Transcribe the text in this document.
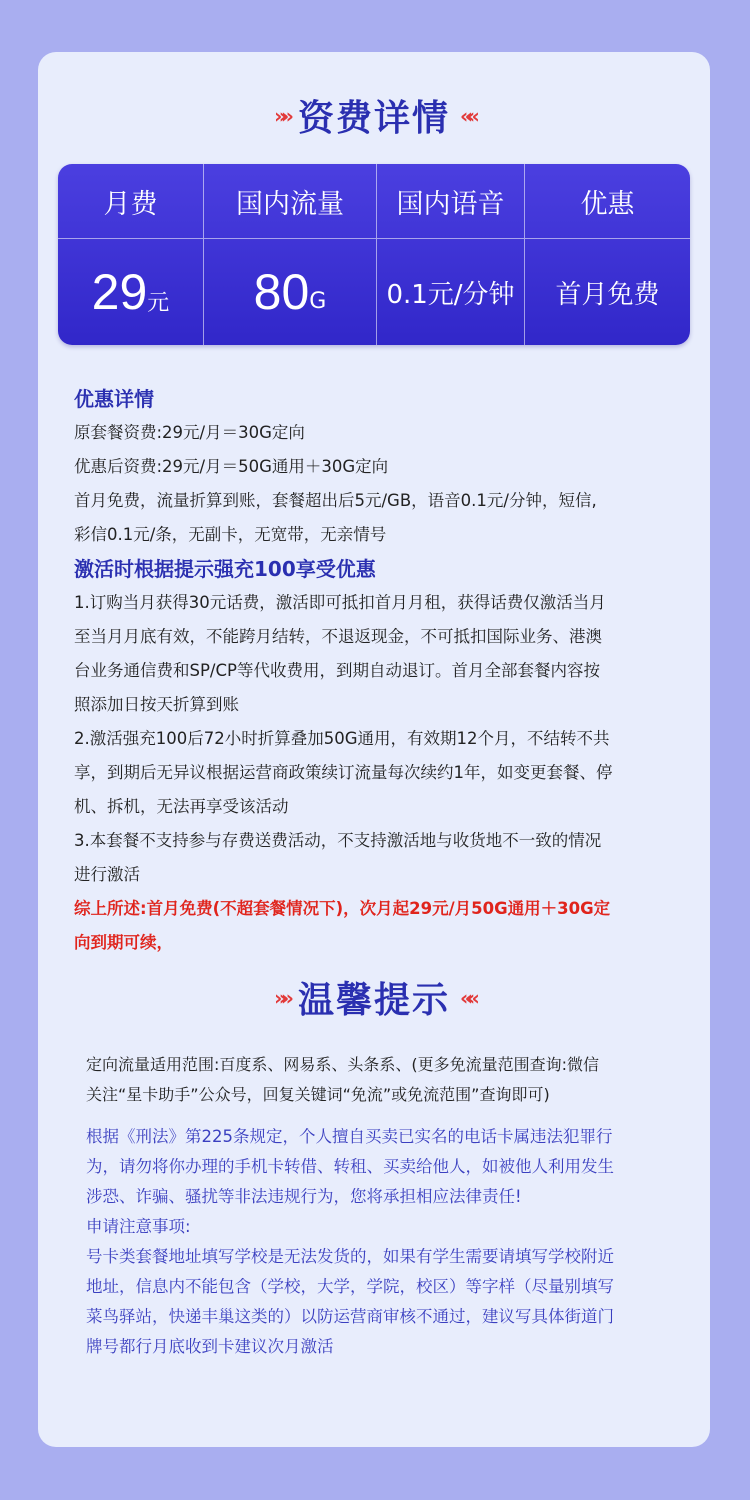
»» 资费详情 ««
月费	国内流量	国内语音	优惠
29 元 80 G 0.1元/分钟 首月免费
优惠详情
原套餐资费:29元/月＝30G定向
优惠后资费:29元/月＝50G通用＋30G定向
首月免费，流量折算到账，套餐超出后5元/GB，语音0.1元/分钟，短信,
彩信0.1元/条，无副卡，无宽带，无亲情号
激活时根据提示强充100享受优惠
1.订购当月获得30元话费，激活即可抵扣首月月租，获得话费仅激活当月
至当月月底有效，不能跨月结转，不退返现金，不可抵扣国际业务、港澳
台业务通信费和SP/CP等代收费用，到期自动退订。首月全部套餐内容按
照添加日按天折算到账
2.激活强充100后72小时折算叠加50G通用，有效期12个月，不结转不共
享，到期后无异议根据运营商政策续订流量每次续约1年，如变更套餐、停
机、拆机，无法再享受该活动
3.本套餐不支持参与存费送费活动，不支持激活地与收货地不一致的情况
进行激活
综上所述:首月免费(不超套餐情况下)，次月起29元/月50G通用＋30G定
向到期可续，
»» 温馨提示 ««
定向流量适用范围:百度系、网易系、头条系、(更多免流量范围查询:微信
关注“星卡助手”公众号，回复关键词“免流”或免流范围”查询即可)
根据《刑法》第225条规定，个人擅自买卖已实名的电话卡属违法犯罪行
为，请勿将你办理的手机卡转借、转租、买卖给他人，如被他人利用发生
涉恐、诈骗、骚扰等非法违规行为，您将承担相应法律责任!
申请注意事项:
号卡类套餐地址填写学校是无法发货的，如果有学生需要请填写学校附近
地址，信息内不能包含（学校，大学，学院，校区）等字样（尽量别填写
菜鸟驿站，快递丰巢这类的）以防运营商审核不通过，建议写具体街道门
牌号都行月底收到卡建议次月激活
